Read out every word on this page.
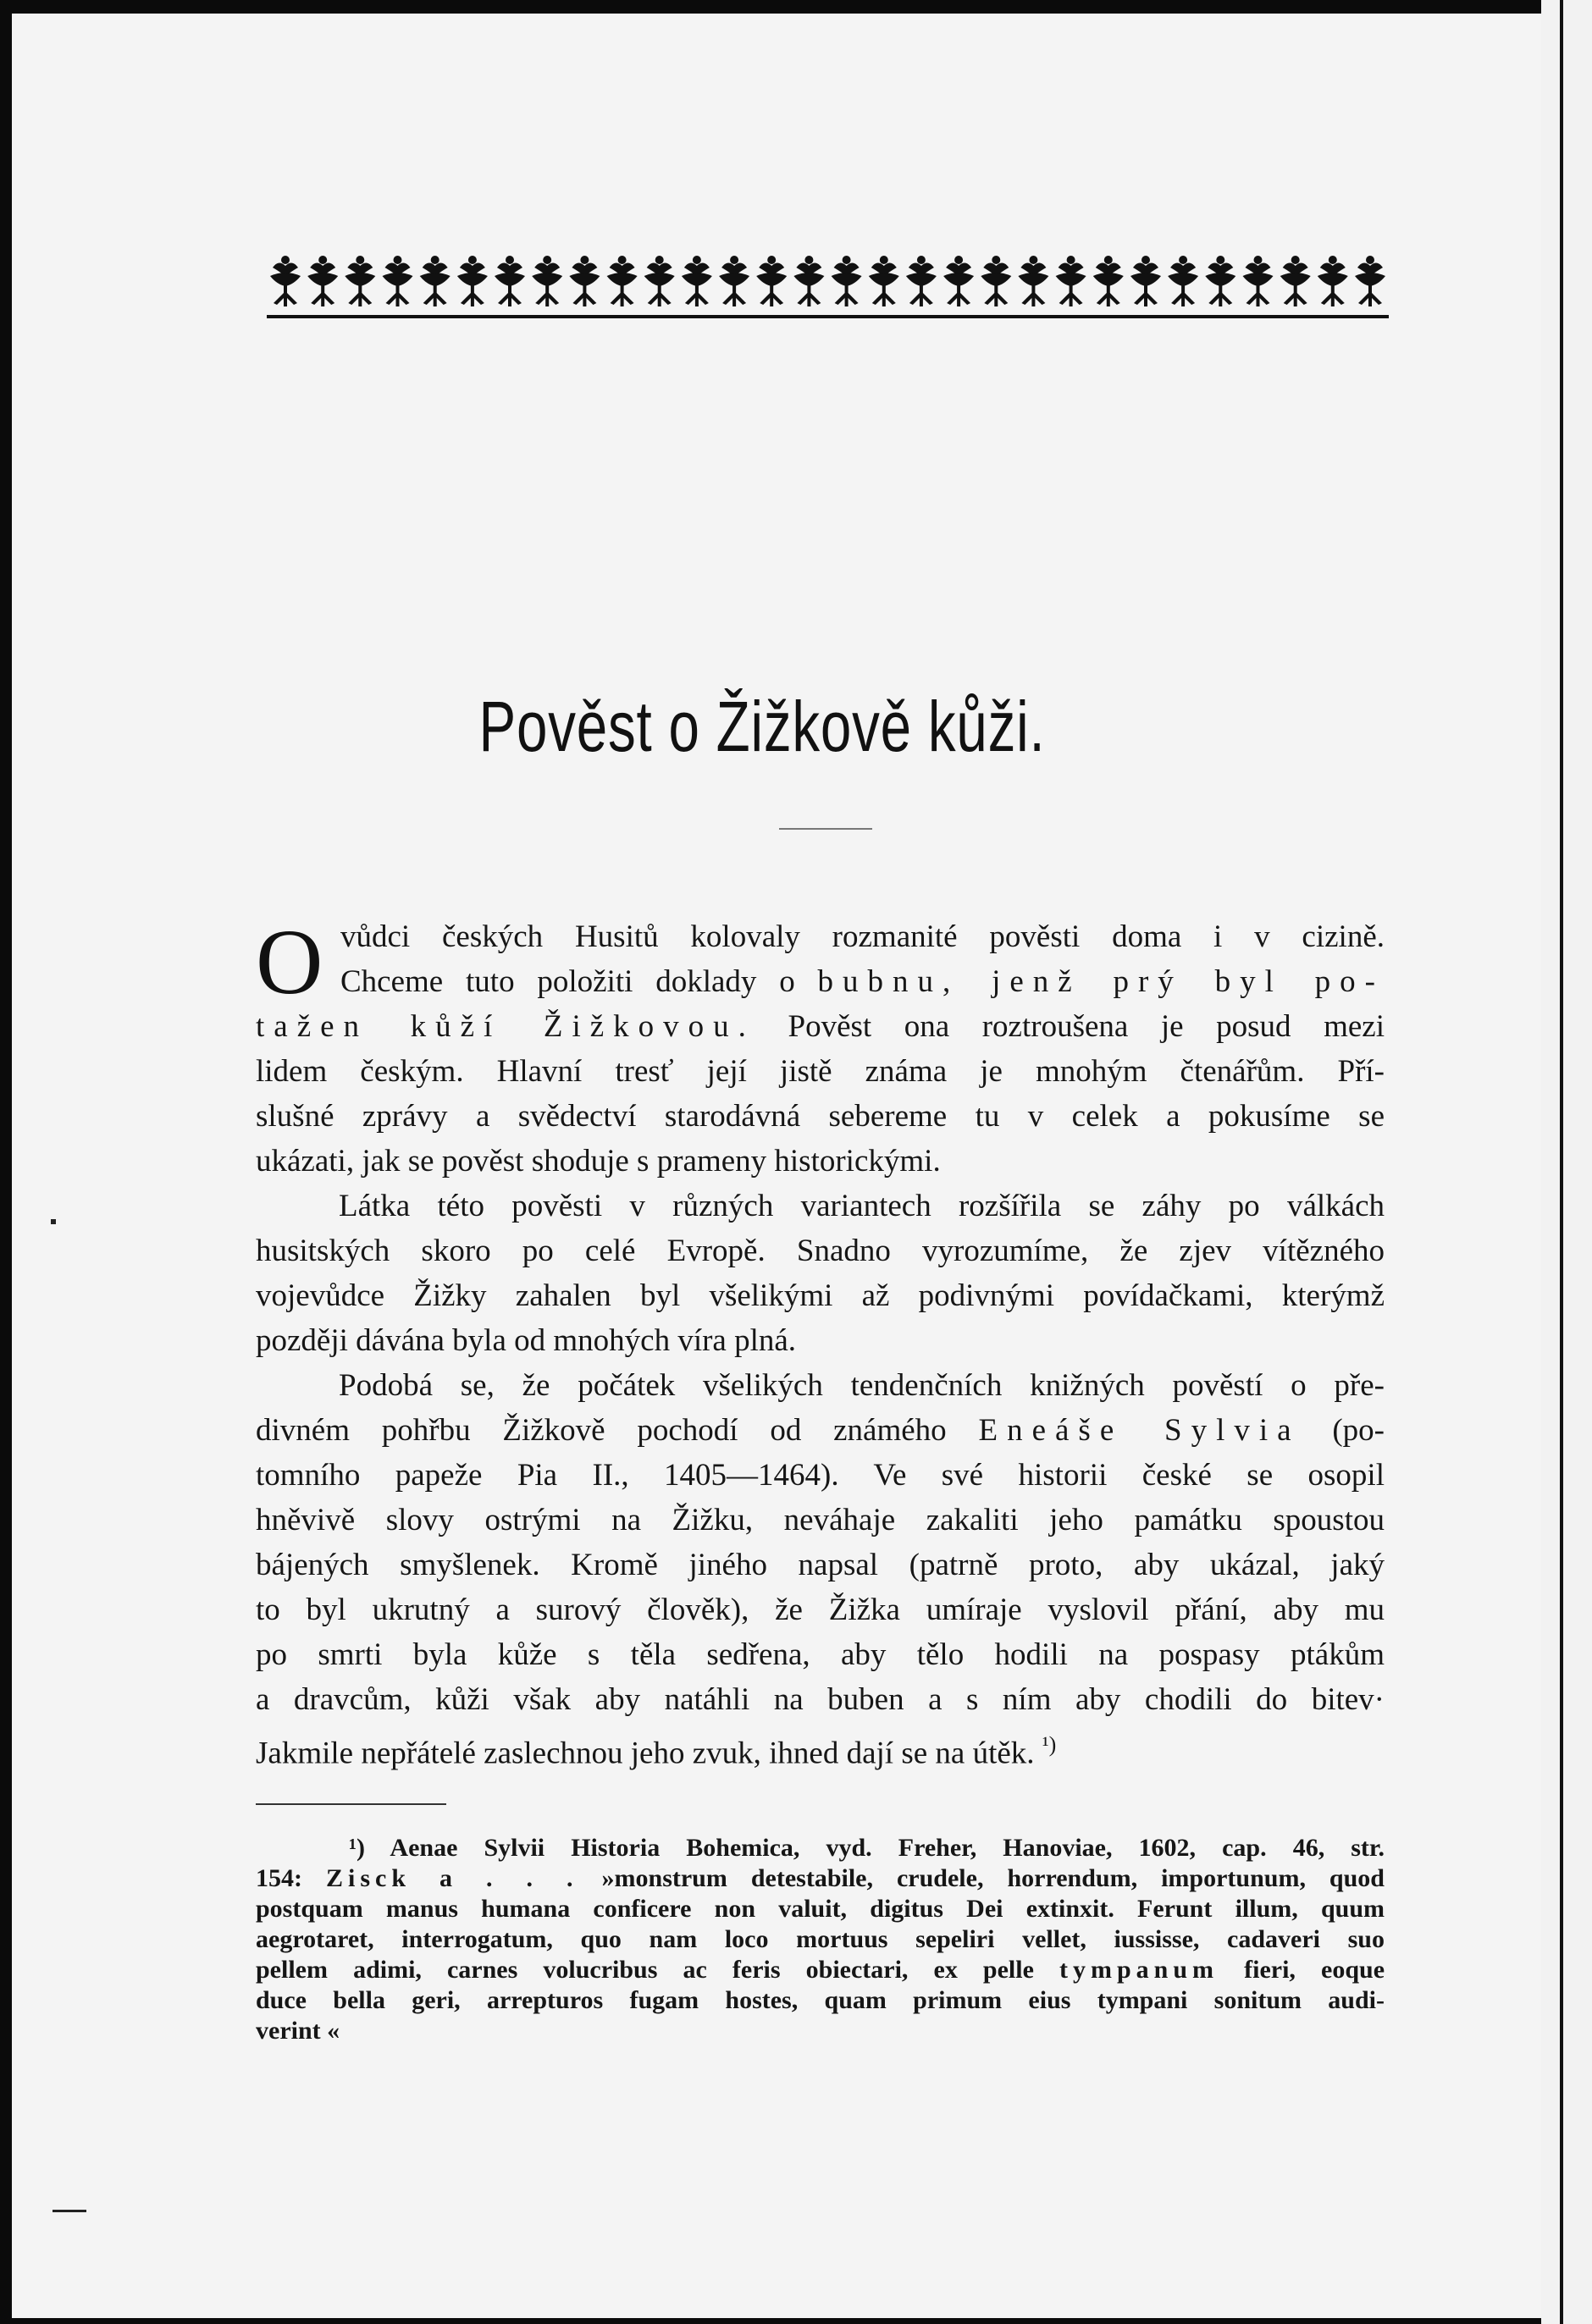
Pověst o Žižkově kůži.
O vůdci českých Husitů kolovaly rozmanité pověsti doma i v cizině.
Chceme tuto položiti doklady o bubnu, jenž prý byl po-
tažen kůží Žižkovou. Pověst ona roztroušena je posud mezi
lidem českým. Hlavní tresť její jistě známa je mnohým čtenářům. Pří-
slušné zprávy a svědectví starodávná sebereme tu v celek a pokusíme se
ukázati, jak se pověst shoduje s prameny historickými.
Látka této pověsti v různých variantech rozšířila se záhy po válkách
husitských skoro po celé Evropě. Snadno vyrozumíme, že zjev vítězného
vojevůdce Žižky zahalen byl všelikými až podivnými povídačkami, kterýmž
později dávána byla od mnohých víra plná.
Podobá se, že počátek všelikých tendenčních knižných pověstí o pře-
divném pohřbu Žižkově pochodí od známého Eneáše Sylvia (po-
tomního papeže Pia II., 1405—1464). Ve své historii české se osopil
hněvivě slovy ostrými na Žižku, neváhaje zakaliti jeho památku spoustou
bájených smyšlenek. Kromě jiného napsal (patrně proto, aby ukázal, jaký
to byl ukrutný a surový člověk), že Žižka umíraje vyslovil přání, aby mu
po smrti byla kůže s těla sedřena, aby tělo hodili na pospasy ptákům
a dravcům, kůži však aby natáhli na buben a s ním aby chodili do bitev·
Jakmile nepřátelé zaslechnou jeho zvuk, ihned dají se na útěk. $^{^1)}$
¹) Aenae Sylvii Historia Bohemica, vyd. Freher, Hanoviae, 1602, cap. 46, str.
154: Zisck a . . . »monstrum detestabile, crudele, horrendum, importunum, quod
postquam manus humana conficere non valuit, digitus Dei extinxit. Ferunt illum, quum
aegrotaret, interrogatum, quo nam loco mortuus sepeliri vellet, iussisse, cadaveri suo
pellem adimi, carnes volucribus ac feris obiectari, ex pelle tympanum fieri, eoque
duce bella geri, arrepturos fugam hostes, quam primum eius tympani sonitum audi-
verint «
